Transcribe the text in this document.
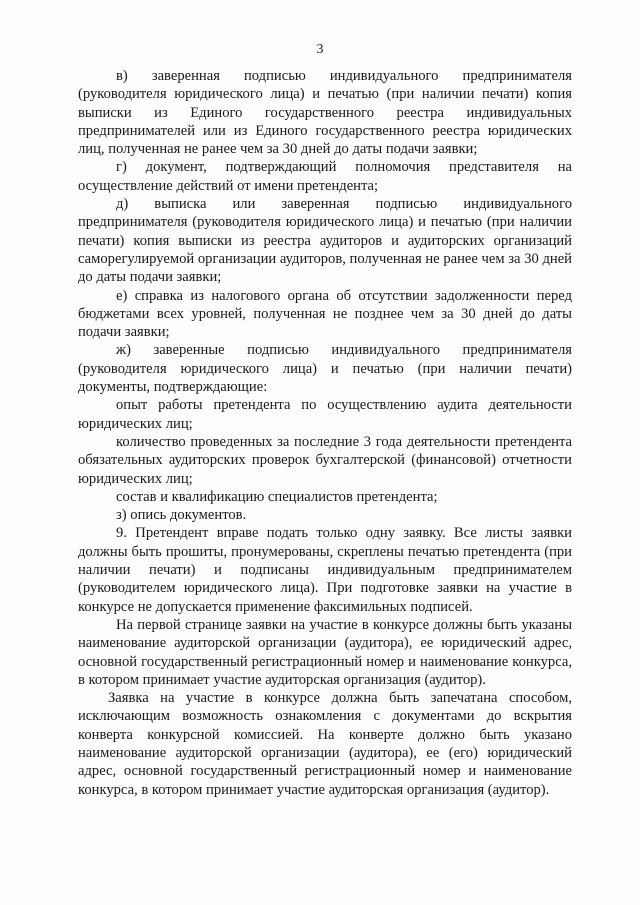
3

в) заверенная подписью индивидуального предпринимателя (руководителя юридического лица) и печатью (при наличии печати) копия выписки из Единого государственного реестра индивидуальных предпринимателей или из Единого государственного реестра юридических лиц, полученная не ранее чем за 30 дней до даты подачи заявки;

г) документ, подтверждающий полномочия представителя на осуществление действий от имени претендента;

д) выписка или заверенная подписью индивидуального предпринимателя (руководителя юридического лица) и печатью (при наличии печати) копия выписки из реестра аудиторов и аудиторских организаций саморегулируемой организации аудиторов, полученная не ранее чем за 30 дней до даты подачи заявки;

е) справка из налогового органа об отсутствии задолженности перед бюджетами всех уровней, полученная не позднее чем за 30 дней до даты подачи заявки;

ж) заверенные подписью индивидуального предпринимателя (руководителя юридического лица) и печатью (при наличии печати) документы, подтверждающие:

опыт работы претендента по осуществлению аудита деятельности юридических лиц;

количество проведенных за последние 3 года деятельности претендента обязательных аудиторских проверок бухгалтерской (финансовой) отчетности юридических лиц;

состав и квалификацию специалистов претендента;

з) опись документов.

9. Претендент вправе подать только одну заявку. Все листы заявки должны быть прошиты, пронумерованы, скреплены печатью претендента (при наличии печати) и подписаны индивидуальным предпринимателем (руководителем юридического лица). При подготовке заявки на участие в конкурсе не допускается применение факсимильных подписей.

На первой странице заявки на участие в конкурсе должны быть указаны наименование аудиторской организации (аудитора), ее юридический адрес, основной государственный регистрационный номер и наименование конкурса, в котором принимает участие аудиторская организация (аудитор).

Заявка на участие в конкурсе должна быть запечатана способом, исключающим возможность ознакомления с документами до вскрытия конверта конкурсной комиссией. На конверте должно быть указано наименование аудиторской организации (аудитора), ее (его) юридический адрес, основной государственный регистрационный номер и наименование конкурса, в котором принимает участие аудиторская организация (аудитор).
